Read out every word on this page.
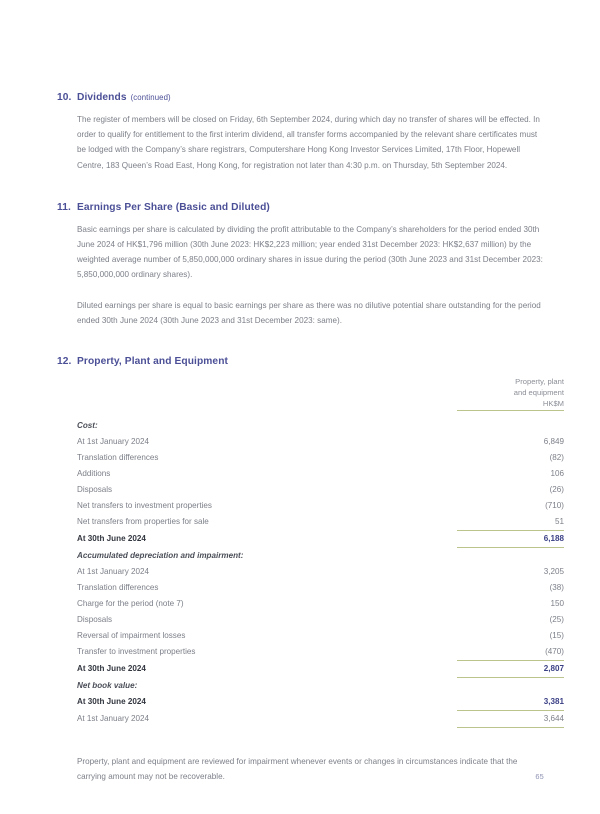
10. Dividends (continued)

The register of members will be closed on Friday, 6th September 2024, during which day no transfer of shares will be effected. In order to qualify for entitlement to the first interim dividend, all transfer forms accompanied by the relevant share certificates must be lodged with the Company’s share registrars, Computershare Hong Kong Investor Services Limited, 17th Floor, Hopewell Centre, 183 Queen’s Road East, Hong Kong, for registration not later than 4:30 p.m. on Thursday, 5th September 2024.

11. Earnings Per Share (Basic and Diluted)

Basic earnings per share is calculated by dividing the profit attributable to the Company’s shareholders for the period ended 30th June 2024 of HK$1,796 million (30th June 2023: HK$2,223 million; year ended 31st December 2023: HK$2,637 million) by the weighted average number of 5,850,000,000 ordinary shares in issue during the period (30th June 2023 and 31st December 2023: 5,850,000,000 ordinary shares).

Diluted earnings per share is equal to basic earnings per share as there was no dilutive potential share outstanding for the period ended 30th June 2024 (30th June 2023 and 31st December 2023: same).

12. Property, Plant and Equipment
	Property, plant
and equipment
HK$M

Cost:	
At 1st January 2024	6,849
Translation differences	(82)
Additions	106
Disposals	(26)
Net transfers to investment properties	(710)
Net transfers from properties for sale	51
At 30th June 2024	6,188
Accumulated depreciation and impairment:	
At 1st January 2024	3,205
Translation differences	(38)
Charge for the period (note 7)	150
Disposals	(25)
Reversal of impairment losses	(15)
Transfer to investment properties	(470)
At 30th June 2024	2,807
Net book value:	
At 30th June 2024	3,381
At 1st January 2024	3,644

Property, plant and equipment are reviewed for impairment whenever events or changes in circumstances indicate that the carrying amount may not be recoverable.	65
